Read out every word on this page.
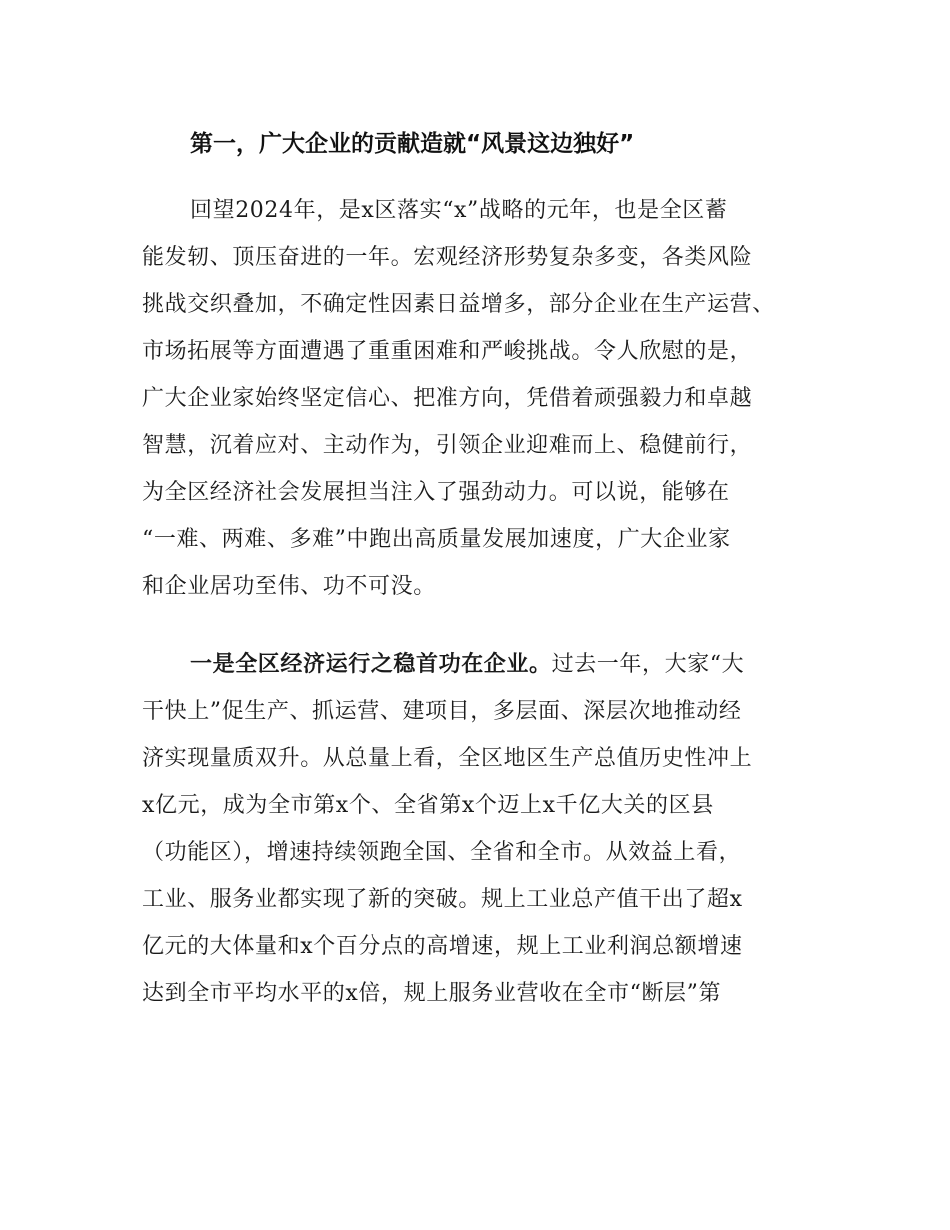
第一，广大企业的贡献造就“风景这边独好”
回望2024年，是x区落实“x”战略的元年，也是全区蓄
能发轫、顶压奋进的一年。宏观经济形势复杂多变，各类风险
挑战交织叠加，不确定性因素日益增多，部分企业在生产运营、
市场拓展等方面遭遇了重重困难和严峻挑战。令人欣慰的是，
广大企业家始终坚定信心、把准方向，凭借着顽强毅力和卓越
智慧，沉着应对、主动作为，引领企业迎难而上、稳健前行，
为全区经济社会发展担当注入了强劲动力。可以说，能够在
“一难、两难、多难”中跑出高质量发展加速度，广大企业家
和企业居功至伟、功不可没。
一是全区经济运行之稳首功在企业。过去一年，大家“大
干快上”促生产、抓运营、建项目，多层面、深层次地推动经
济实现量质双升。从总量上看，全区地区生产总值历史性冲上
x亿元，成为全市第x个、全省第x个迈上x千亿大关的区县
（功能区），增速持续领跑全国、全省和全市。从效益上看，
工业、服务业都实现了新的突破。规上工业总产值干出了超x
亿元的大体量和x个百分点的高增速，规上工业利润总额增速
达到全市平均水平的x倍，规上服务业营收在全市“断层”第
